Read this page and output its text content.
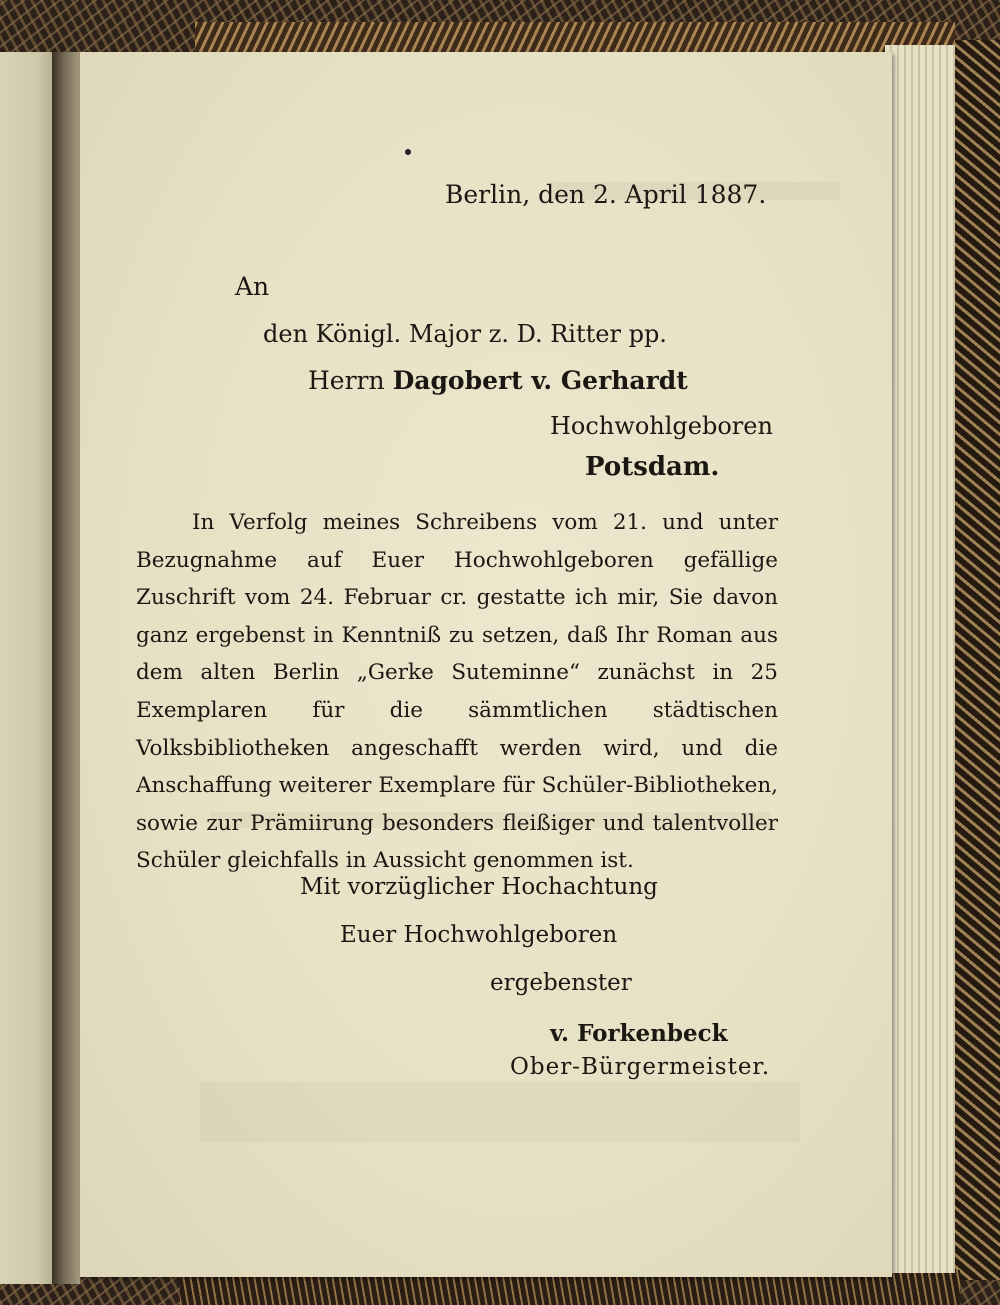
Berlin, den 2. April 1887.
An
den Königl. Major z. D. Ritter pp.
Herrn Dagobert v. Gerhardt
Hochwohlgeboren
Potsdam.
In Verfolg meines Schreibens vom 21. und unter Bezugnahme auf Euer Hochwohlgeboren gefällige Zuschrift vom 24. Februar cr. gestatte ich mir, Sie davon ganz ergebenst in Kenntniß zu setzen, daß Ihr Roman aus dem alten Berlin „Gerke Suteminne“ zunächst in 25 Exemplaren für die sämmtlichen städtischen Volksbibliotheken angeschafft werden wird, und die Anschaffung weiterer Exemplare für Schüler-Bibliotheken, sowie zur Prämiirung besonders fleißiger und talentvoller Schüler gleichfalls in Aussicht genommen ist.
Mit vorzüglicher Hochachtung
Euer Hochwohlgeboren
ergebenster
v. Forkenbeck
Ober-Bürgermeister.
